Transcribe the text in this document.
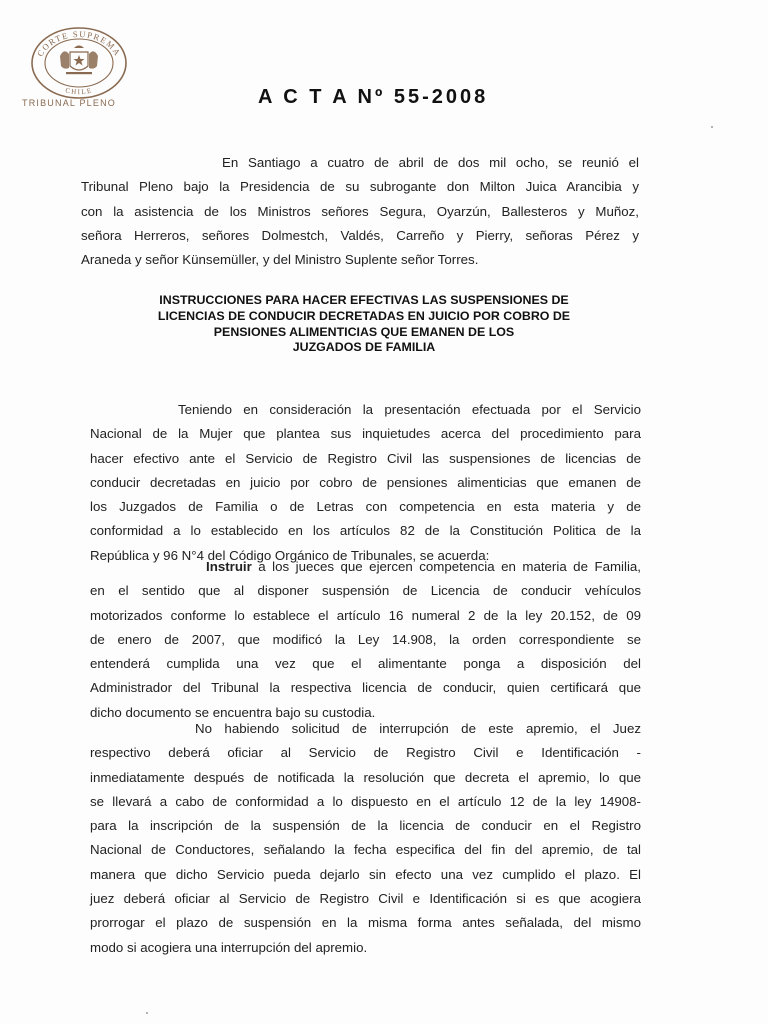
CORTE SUPREMA
CHILE
TRIBUNAL PLENO	A C T A Nº 55-2008
En Santiago a cuatro de abril de dos mil ocho, se reunió el
Tribunal Pleno bajo la Presidencia de su subrogante don Milton Juica Arancibia y
con la asistencia de los Ministros señores Segura, Oyarzún, Ballesteros y Muñoz,
señora Herreros, señores Dolmestch, Valdés, Carreño y Pierry, señoras Pérez y
Araneda y señor Künsemüller, y del Ministro Suplente señor Torres.
INSTRUCCIONES PARA HACER EFECTIVAS LAS SUSPENSIONES DE
LICENCIAS DE CONDUCIR DECRETADAS EN JUICIO POR COBRO DE
PENSIONES ALIMENTICIAS QUE EMANEN DE LOS
JUZGADOS DE FAMILIA
Teniendo en consideración la presentación efectuada por el Servicio
Nacional de la Mujer que plantea sus inquietudes acerca del procedimiento para
hacer efectivo ante el Servicio de Registro Civil las suspensiones de licencias de
conducir decretadas en juicio por cobro de pensiones alimenticias que emanen de
los Juzgados de Familia o de Letras con competencia en esta materia y de
conformidad a lo establecido en los artículos 82 de la Constitución Politica de la
República y 96 N°4 del Código Orgánico de Tribunales, se acuerda:
Instruir a los jueces que ejercen competencia en materia de Familia,
en el sentido que al disponer suspensión de Licencia de conducir vehículos
motorizados conforme lo establece el artículo 16 numeral 2 de la ley 20.152, de 09
de enero de 2007, que modificó la Ley 14.908, la orden correspondiente se
entenderá cumplida una vez que el alimentante ponga a disposición del
Administrador del Tribunal la respectiva licencia de conducir, quien certificará que
dicho documento se encuentra bajo su custodia.
No habiendo solicitud de interrupción de este apremio, el Juez
respectivo deberá oficiar al Servicio de Registro Civil e Identificación -
inmediatamente después de notificada la resolución que decreta el apremio, lo que
se llevará a cabo de conformidad a lo dispuesto en el artículo 12 de la ley 14908-
para la inscripción de la suspensión de la licencia de conducir en el Registro
Nacional de Conductores, señalando la fecha especifica del fin del apremio, de tal
manera que dicho Servicio pueda dejarlo sin efecto una vez cumplido el plazo. El
juez deberá oficiar al Servicio de Registro Civil e Identificación si es que acogiera
prorrogar el plazo de suspensión en la misma forma antes señalada, del mismo
modo si acogiera una interrupción del apremio.
